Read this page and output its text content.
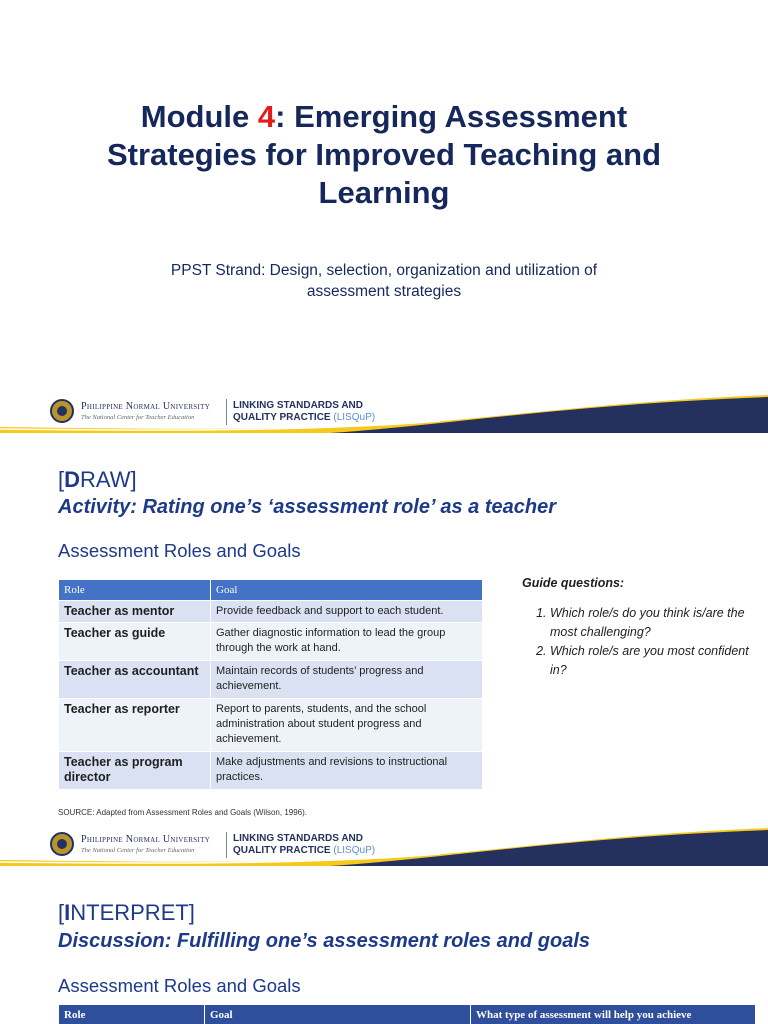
Module 4: Emerging Assessment
Strategies for Improved Teaching and
Learning
PPST Strand: Design, selection, organization and utilization of
assessment strategies
Philippine Normal University
The National Center for Teacher Education
LINKING STANDARDS AND
QUALITY PRACTICE (LISQuP)
[DRAW]
Activity: Rating one’s ‘assessment role’ as a teacher
Assessment Roles and Goals
Role	Goal
Teacher as mentor	Provide feedback and support to each student.
Teacher as guide	Gather diagnostic information to lead the group through the work at hand.
Teacher as accountant	Maintain records of students’ progress and achievement.
Teacher as reporter	Report to parents, students, and the school administration about student progress and achievement.
Teacher as program director	Make adjustments and revisions to instructional practices.
SOURCE: Adapted from Assessment Roles and Goals (Wilson, 1996).
Guide questions:
1. Which role/s do you think is/are the most challenging?
2. Which role/s are you most confident in?
Philippine Normal University
The National Center for Teacher Education
LINKING STANDARDS AND
QUALITY PRACTICE (LISQuP)
[INTERPRET]
Discussion: Fulfilling one’s assessment roles and goals
Assessment Roles and Goals
Role	Goal	What type of assessment will help you achieve
